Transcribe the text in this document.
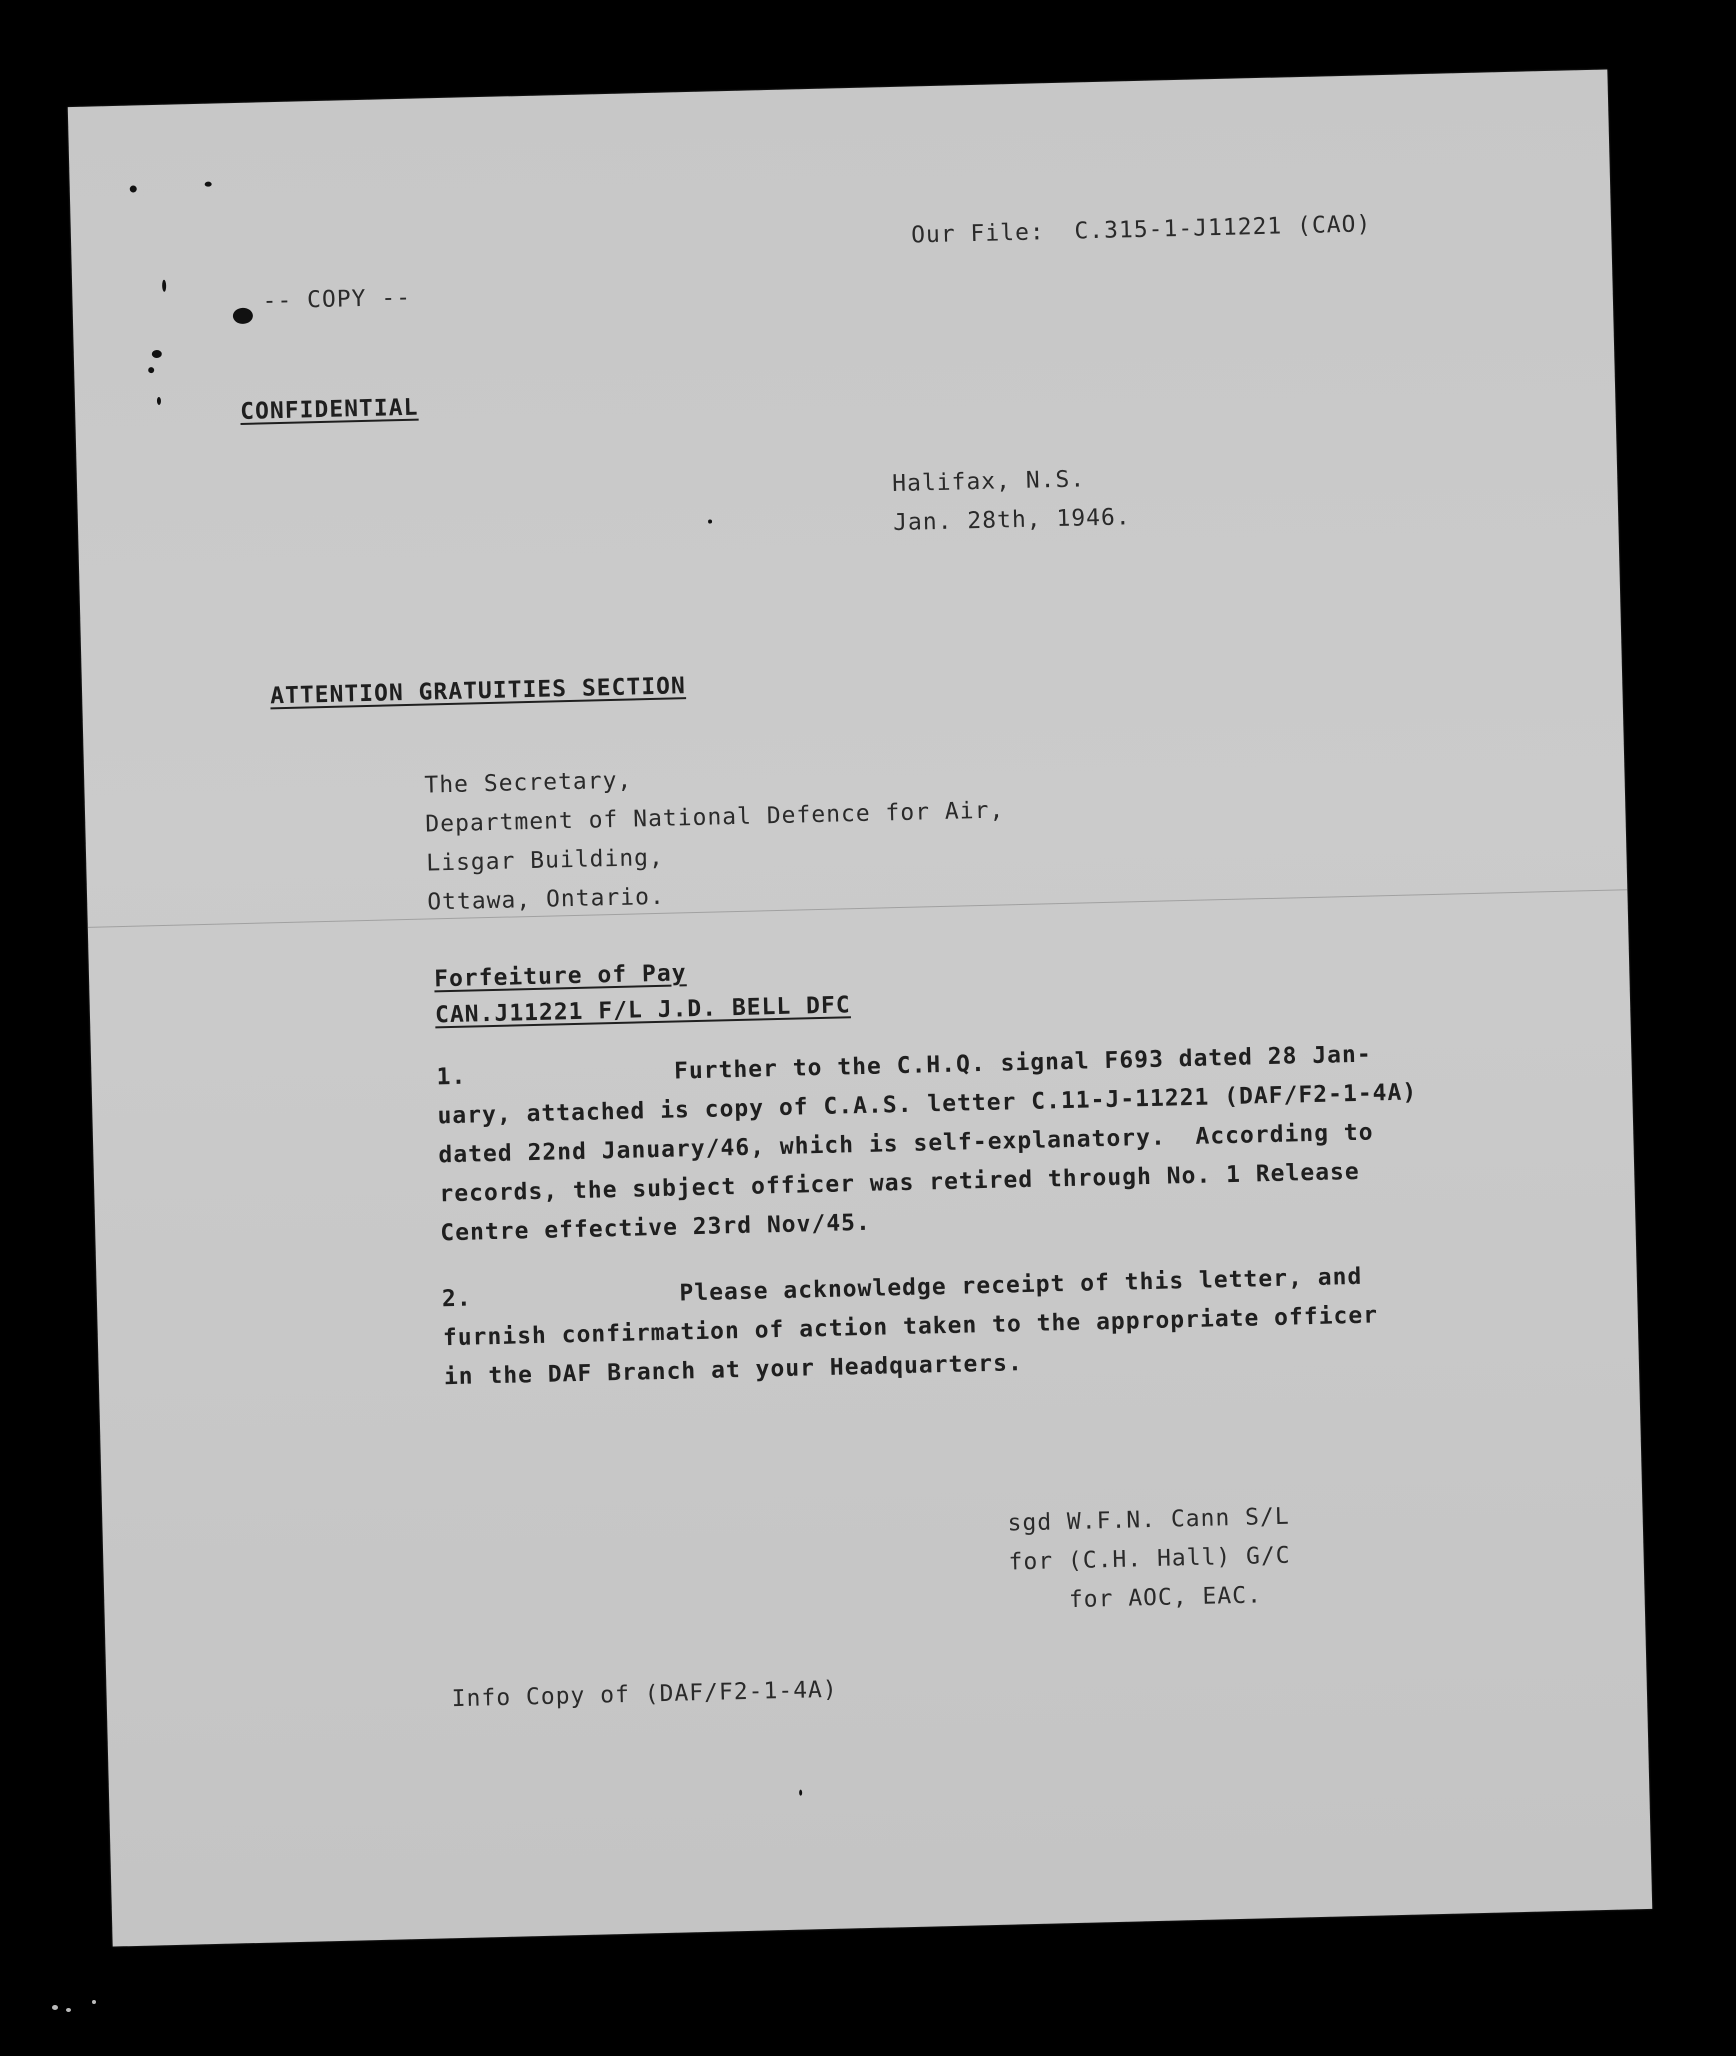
Our File:  C.315-1-J11221 (CAO)
-- COPY --
CONFIDENTIAL
Halifax, N.S.
Jan. 28th, 1946.
ATTENTION GRATUITIES SECTION
The Secretary,
Department of National Defence for Air,
Lisgar Building,
Ottawa, Ontario.
Forfeiture of Pay
CAN.J11221 F/L J.D. BELL DFC
1.              Further to the C.H.Q. signal F693 dated 28 Jan-
uary, attached is copy of C.A.S. letter C.11-J-11221 (DAF/F2-1-4A)
dated 22nd January/46, which is self-explanatory.  According to
records, the subject officer was retired through No. 1 Release
Centre effective 23rd Nov/45.
2.              Please acknowledge receipt of this letter, and
furnish confirmation of action taken to the appropriate officer
in the DAF Branch at your Headquarters.
sgd W.F.N. Cann S/L
for (C.H. Hall) G/C
for AOC, EAC.
Info Copy of (DAF/F2-1-4A)
